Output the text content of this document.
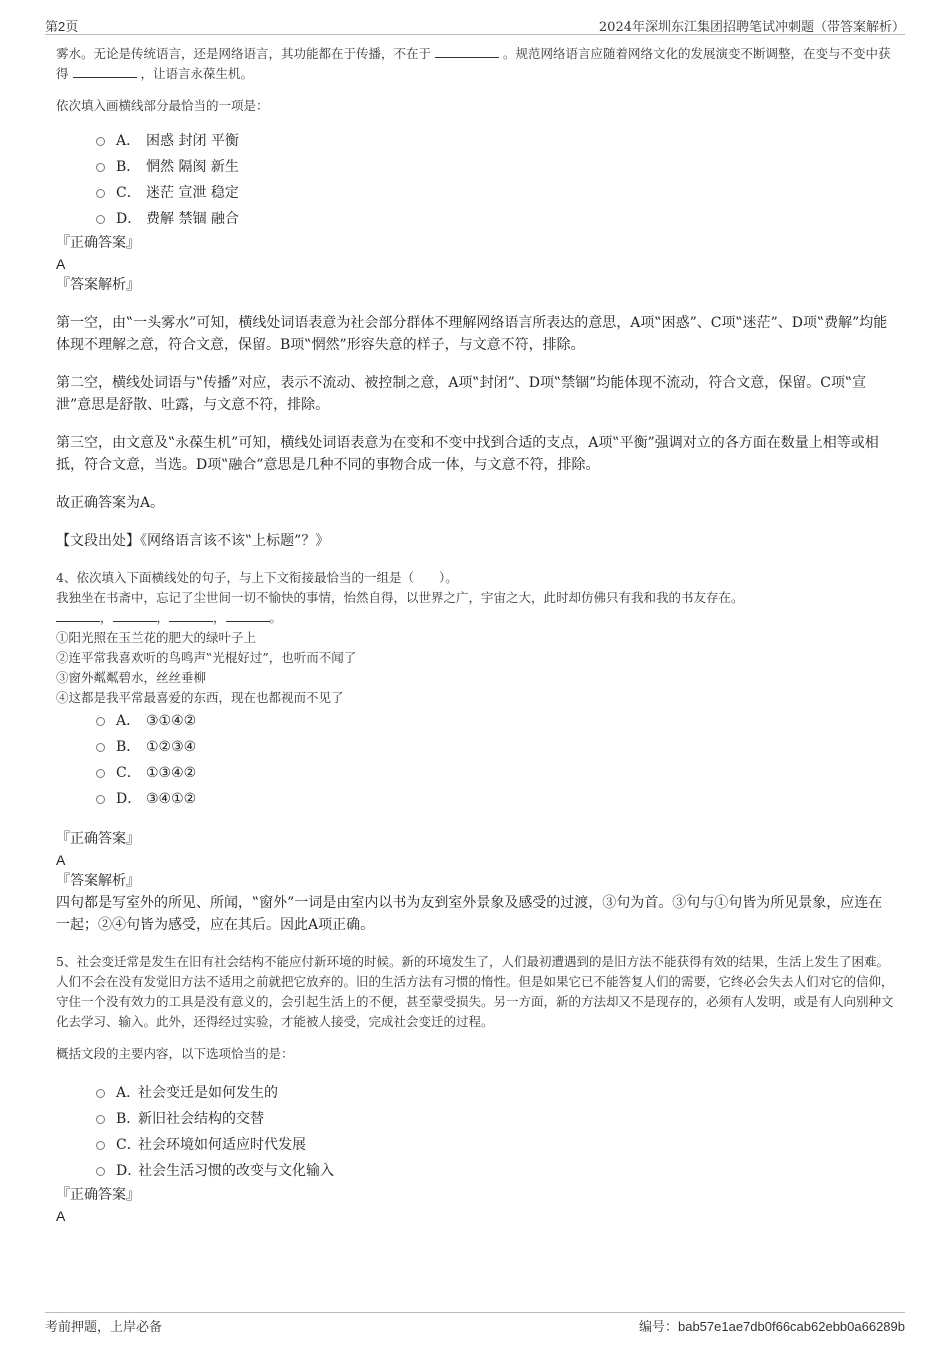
第2页	2024年深圳东江集团招聘笔试冲刺题（带答案解析）

雾水。无论是传统语言，还是网络语言，其功能都在于传播，不在于	。规范网络语言应随着网络文化的发展演变不断调整，在变与不变中获得	，让语言永葆生机。

依次填入画横线部分最恰当的一项是：

A． 困惑 封闭 平衡
B． 惘然 隔阂 新生
C． 迷茫 宣泄 稳定
D． 费解 禁锢 融合

『正确答案』

A

『答案解析』

第一空，由‟一头雾水”可知，横线处词语表意为社会部分群体不理解网络语言所表达的意思，A项‟困惑”、C项‟迷茫”、D项‟费解”均能体现不理解之意，符合文意，保留。B项‟惘然”形容失意的样子，与文意不符，排除。

第二空，横线处词语与‟传播”对应，表示不流动、被控制之意，A项‟封闭”、D项‟禁锢”均能体现不流动，符合文意，保留。C项‟宣泄”意思是舒散、吐露，与文意不符，排除。

第三空，由文意及‟永葆生机”可知，横线处词语表意为在变和不变中找到合适的支点，A项‟平衡”强调对立的各方面在数量上相等或相抵，符合文意，当选。D项‟融合”意思是几种不同的事物合成一体，与文意不符，排除。

故正确答案为A。

【文段出处】《网络语言该不该‟上标题”？》

4、依次填入下面横线处的句子，与上下文衔接最恰当的一组是（　　）。

我独坐在书斋中，忘记了尘世间一切不愉快的事情，怡然自得，以世界之广，宇宙之大，此时却仿佛只有我和我的书友存在。

，	，	，	。

①阳光照在玉兰花的肥大的绿叶子上

②连平常我喜欢听的鸟鸣声‟光棍好过”，也听而不闻了

③窗外粼粼碧水，丝丝垂柳

④这都是我平常最喜爱的东西，现在也都视而不见了

A． ③①④②
B． ①②③④
C． ①③④②
D． ③④①②

『正确答案』

A

『答案解析』

四句都是写室外的所见、所闻，‟窗外”一词是由室内以书为友到室外景象及感受的过渡，③句为首。③句与①句皆为所见景象，应连在一起；②④句皆为感受，应在其后。因此A项正确。

5、社会变迁常是发生在旧有社会结构不能应付新环境的时候。新的环境发生了，人们最初遭遇到的是旧方法不能获得有效的结果，生活上发生了困难。人们不会在没有发觉旧方法不适用之前就把它放弃的。旧的生活方法有习惯的惰性。但是如果它已不能答复人们的需要，它终必会失去人们对它的信仰，守住一个没有效力的工具是没有意义的，会引起生活上的不便，甚至蒙受损失。另一方面，新的方法却又不是现存的，必须有人发明，或是有人向别种文化去学习、输入。此外，还得经过实验，才能被人接受，完成社会变迁的过程。

概括文段的主要内容，以下选项恰当的是：

A．社会变迁是如何发生的
B．新旧社会结构的交替
C．社会环境如何适应时代发展
D．社会生活习惯的改变与文化输入

『正确答案』

A

考前押题，上岸必备	编号：bab57e1ae7db0f66cab62ebb0a66289b
